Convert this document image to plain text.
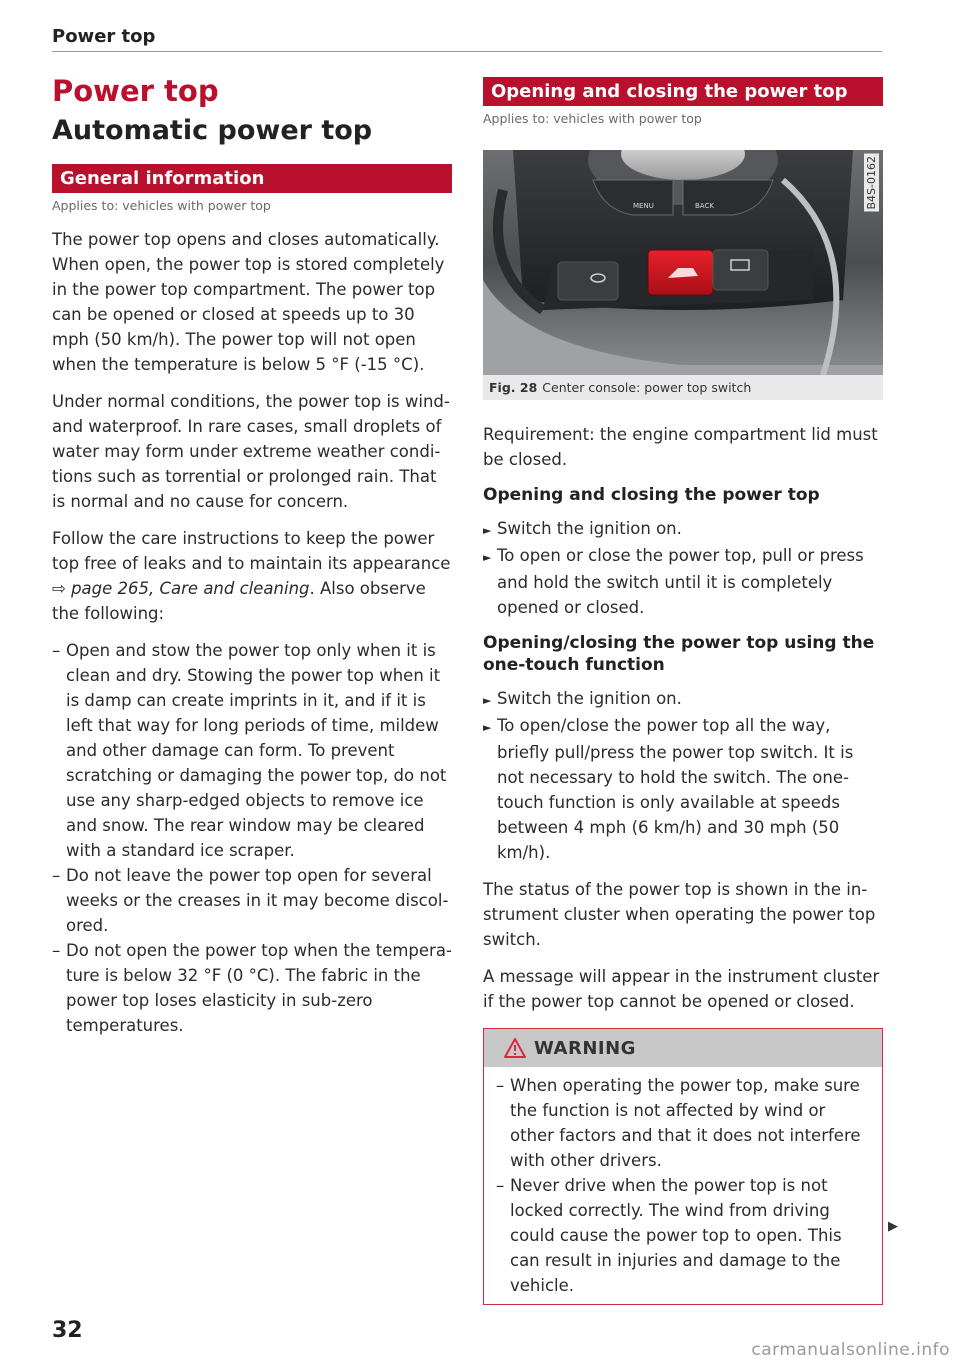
Power top
Power top
Automatic power top
General information
Applies to: vehicles with power top

The power top opens and closes automatically. When open, the power top is stored completely in the power top compartment. The power top can be opened or closed at speeds up to 30 mph (50 km/h). The power top will not open when the temperature is below 5 °F (-15 °C).

Under normal conditions, the power top is wind- and waterproof. In rare cases, small droplets of water may form under extreme weather conditions such as torrential or prolonged rain. That is normal and no cause for concern.

Follow the care instructions to keep the power top free of leaks and to maintain its appearance ⇨ page 265, Care and cleaning. Also observe the following:

– Open and stow the power top only when it is clean and dry. Stowing the power top when it is damp can create imprints in it, and if it is left that way for long periods of time, mildew and other damage can form. To prevent scratching or damaging the power top, do not use any sharp-edged objects to remove ice and snow. The rear window may be cleared with a standard ice scraper.
– Do not leave the power top open for several weeks or the creases in it may become discolored.
– Do not open the power top when the temperature is below 32 °F (0 °C). The fabric in the power top loses elasticity in sub-zero temperatures.
Opening and closing the power top
Applies to: vehicles with power top
MENU	BACK	B4S-0162
Fig. 28 Center console: power top switch

Requirement: the engine compartment lid must be closed.

Opening and closing the power top
► Switch the ignition on.
► To open or close the power top, pull or press and hold the switch until it is completely opened or closed.
Opening/closing the power top using the one-touch function
► Switch the ignition on.
► To open/close the power top all the way, briefly pull/press the power top switch. It is not necessary to hold the switch. The one-touch function is only available at speeds between 4 mph (6 km/h) and 30 mph (50 km/h).

The status of the power top is shown in the instrument cluster when operating the power top switch.

A message will appear in the instrument cluster if the power top cannot be opened or closed.

WARNING
– When operating the power top, make sure the function is not affected by wind or other factors and that it does not interfere with other drivers.
– Never drive when the power top is not locked correctly. The wind from driving could cause the power top to open. This can result in injuries and damage to the vehicle.
▶
32
carmanualsonline.info
